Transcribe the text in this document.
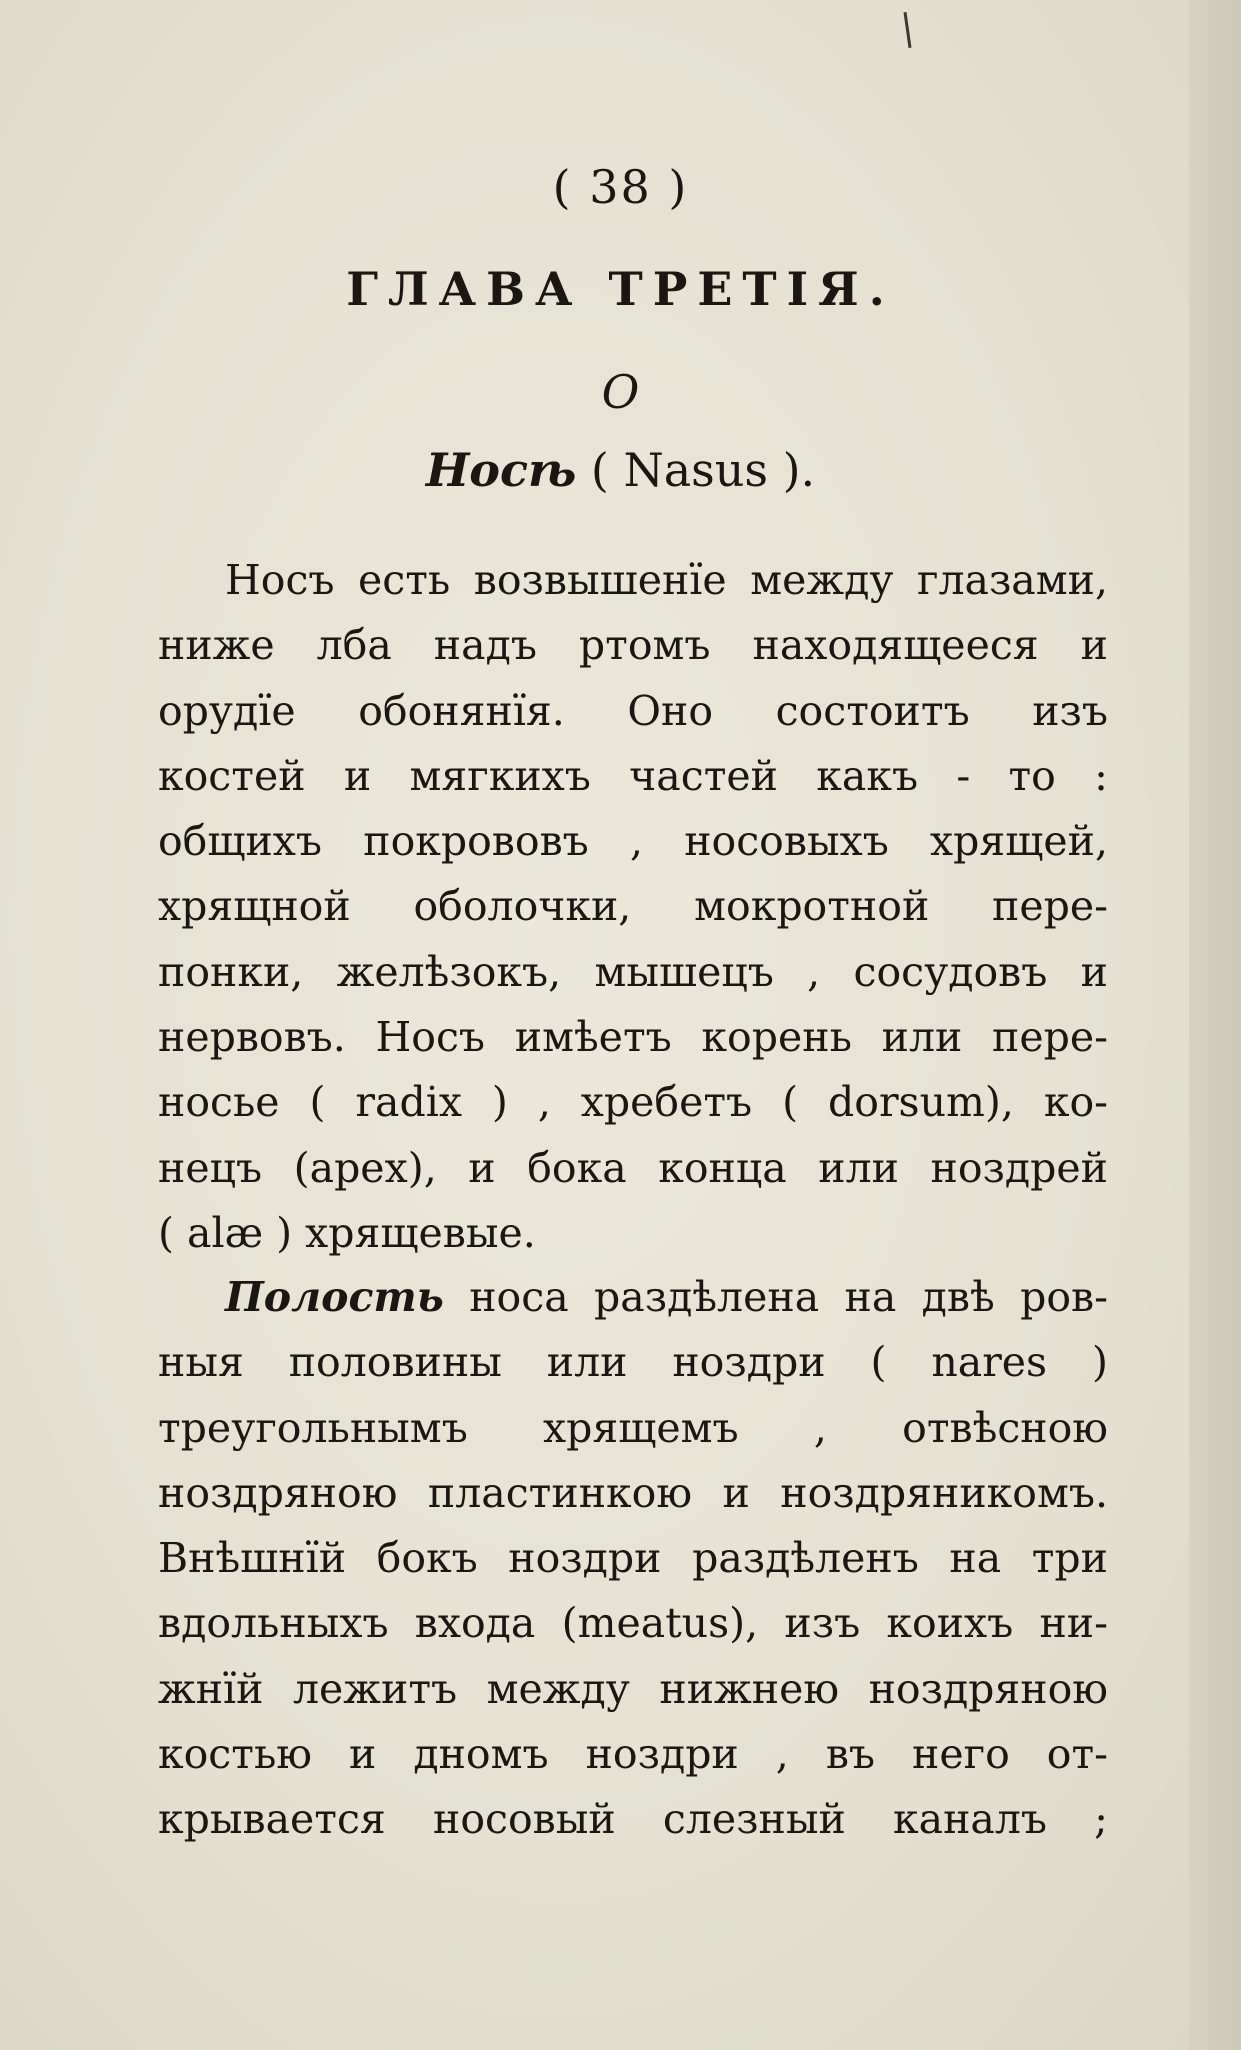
( 38 )
ГЛАВА ТРЕТІЯ.
О
Носѣ ( Nasus ).
Носъ есть возвышенїе между глазами,
ниже лба надъ ртомъ находящееся и
орудїе обонянїя. Оно состоитъ изъ
костей и мягкихъ частей какъ - то :
общихъ покрововъ , носовыхъ хрящей,
хрящной оболочки, мокротной пере-
понки, желѣзокъ, мышецъ , сосудовъ и
нервовъ. Носъ имѣетъ корень или пере-
носье ( radix ) , хребетъ ( dorsum), ко-
нецъ (apex), и бока конца или ноздрей
( alæ ) хрящевые.
Полость носа раздѣлена на двѣ ров-
ныя половины или ноздри ( nares )
треугольнымъ хрящемъ , отвѣсною
ноздряною пластинкою и ноздряникомъ.
Внѣшнїй бокъ ноздри раздѣленъ на три
вдольныхъ входа (meatus), изъ коихъ ни-
жнїй лежитъ между нижнею ноздряною
костью и дномъ ноздри , въ него от-
крывается носовый слезный каналъ ;
